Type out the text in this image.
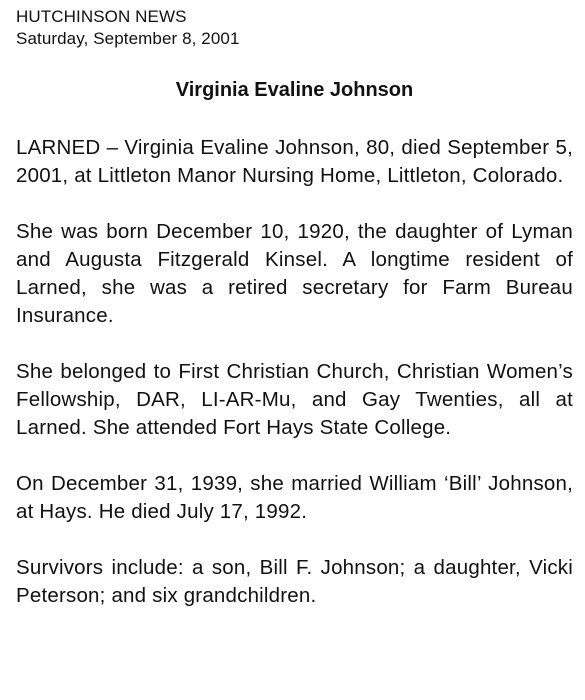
HUTCHINSON NEWS
Saturday, September 8, 2001
Virginia Evaline Johnson

LARNED – Virginia Evaline Johnson, 80, died September 5, 2001, at Littleton Manor Nursing Home, Littleton, Colorado.

She was born December 10, 1920, the daughter of Lyman and Augusta Fitzgerald Kinsel. A longtime resident of Larned, she was a retired secretary for Farm Bureau Insurance.

She belonged to First Christian Church, Christian Women’s Fellowship, DAR, LI-AR-Mu, and Gay Twenties, all at Larned. She attended Fort Hays State College.

On December 31, 1939, she married William ‘Bill’ Johnson, at Hays. He died July 17, 1992.

Survivors include: a son, Bill F. Johnson; a daughter, Vicki Peterson; and six grandchildren.
